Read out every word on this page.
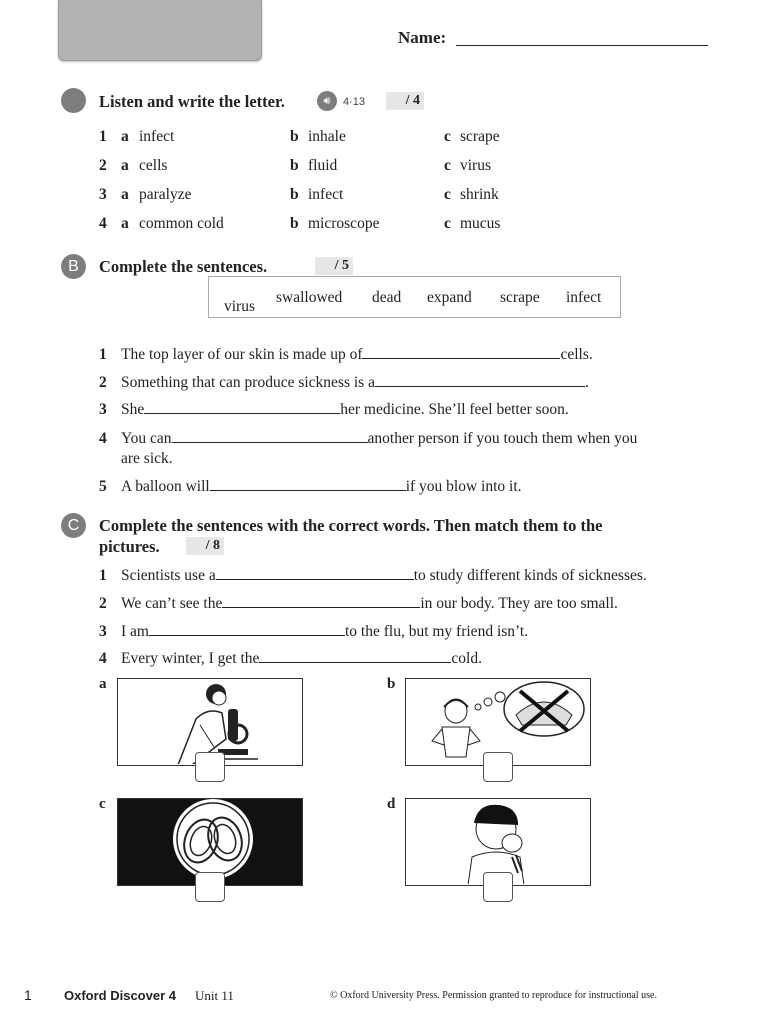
Name:
Listen and write the letter.	🔊︎	4·13	/ 4
1 a infect	b inhale	c scrape
2 a cells	b fluid	c virus
3 a paralyze	b infect	c shrink
4 a common cold	b microscope	c mucus
B	Complete the sentences.	/ 5
virus
swallowed dead expand scrape infect
1 The top layer of our skin is made up of	cells.
2 Something that can produce sickness is a	.
3 She	her medicine. She’ll feel better soon.
4 You can	another person if you touch them when you
5 A balloon will	if you blow into it.
are sick.
C	Complete the sentences with the correct words. Then match them to the
pictures.	/ 8
1 Scientists use a	to study different kinds of sicknesses.
2 We can’t see the	in our body. They are too small.
3 I am	to the flu, but my friend isn’t.
4 Every winter, I get the	cold.
a	b
c	d
1 Oxford Discover 4 Unit 11	© Oxford University Press. Permission granted to reproduce for instructional use.
